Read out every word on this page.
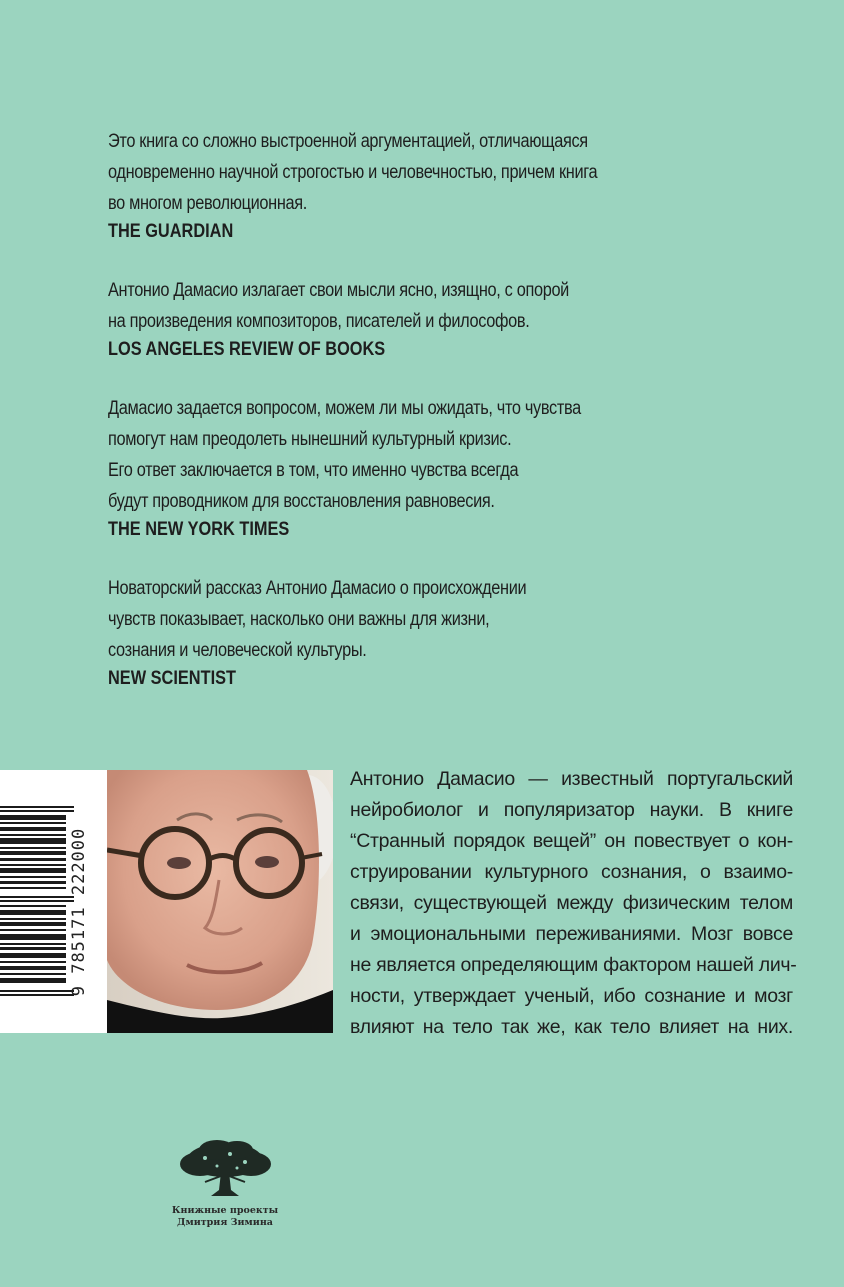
Это книга со сложно выстроенной аргументацией, отличающаяся
одновременно научной строгостью и человечностью, причем книга
во многом революционная.
THE GUARDIAN
Антонио Дамасио излагает свои мысли ясно, изящно, с опорой
на произведения композиторов, писателей и философов.
LOS ANGELES REVIEW OF BOOKS
Дамасио задается вопросом, можем ли мы ожидать, что чувства
помогут нам преодолеть нынешний культурный кризис.
Его ответ заключается в том, что именно чувства всегда
будут проводником для восстановления равновесия.
THE NEW YORK TIMES
Новаторский рассказ Антонио Дамасио о происхождении
чувств показывает, насколько они важны для жизни,
сознания и человеческой культуры.
NEW SCIENTIST
9 785171 222000
Антонио Дамасио — известный португальский
нейробиолог и популяризатор науки. В книге
“Странный порядок вещей” он повествует о кон-
струировании культурного сознания, о взаимо-
связи, существующей между физическим телом
и эмоциональными переживаниями. Мозг вовсе
не является определяющим фактором нашей лич-
ности, утверждает ученый, ибо сознание и мозг
влияют на тело так же, как тело влияет на них.
Книжные проекты
Дмитрия Зимина
